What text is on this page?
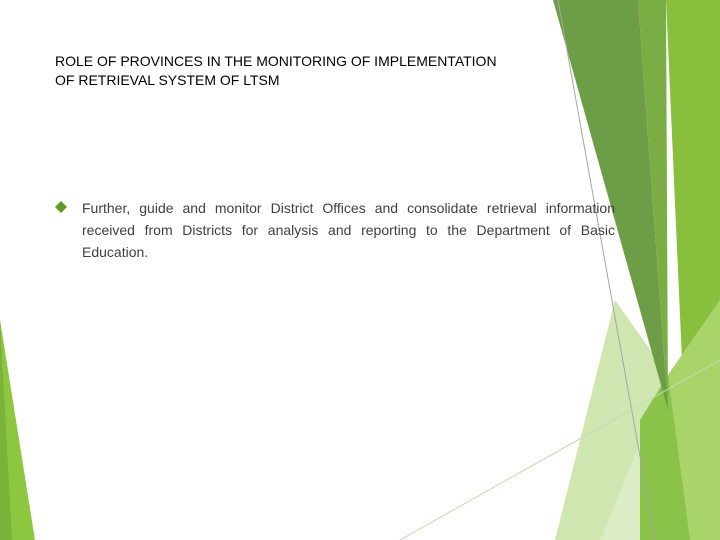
ROLE OF PROVINCES IN THE MONITORING OF IMPLEMENTATION
OF RETRIEVAL SYSTEM OF LTSM
Further, guide and monitor District Offices and consolidate retrieval information received from Districts for analysis and reporting to the Department of Basic Education.
